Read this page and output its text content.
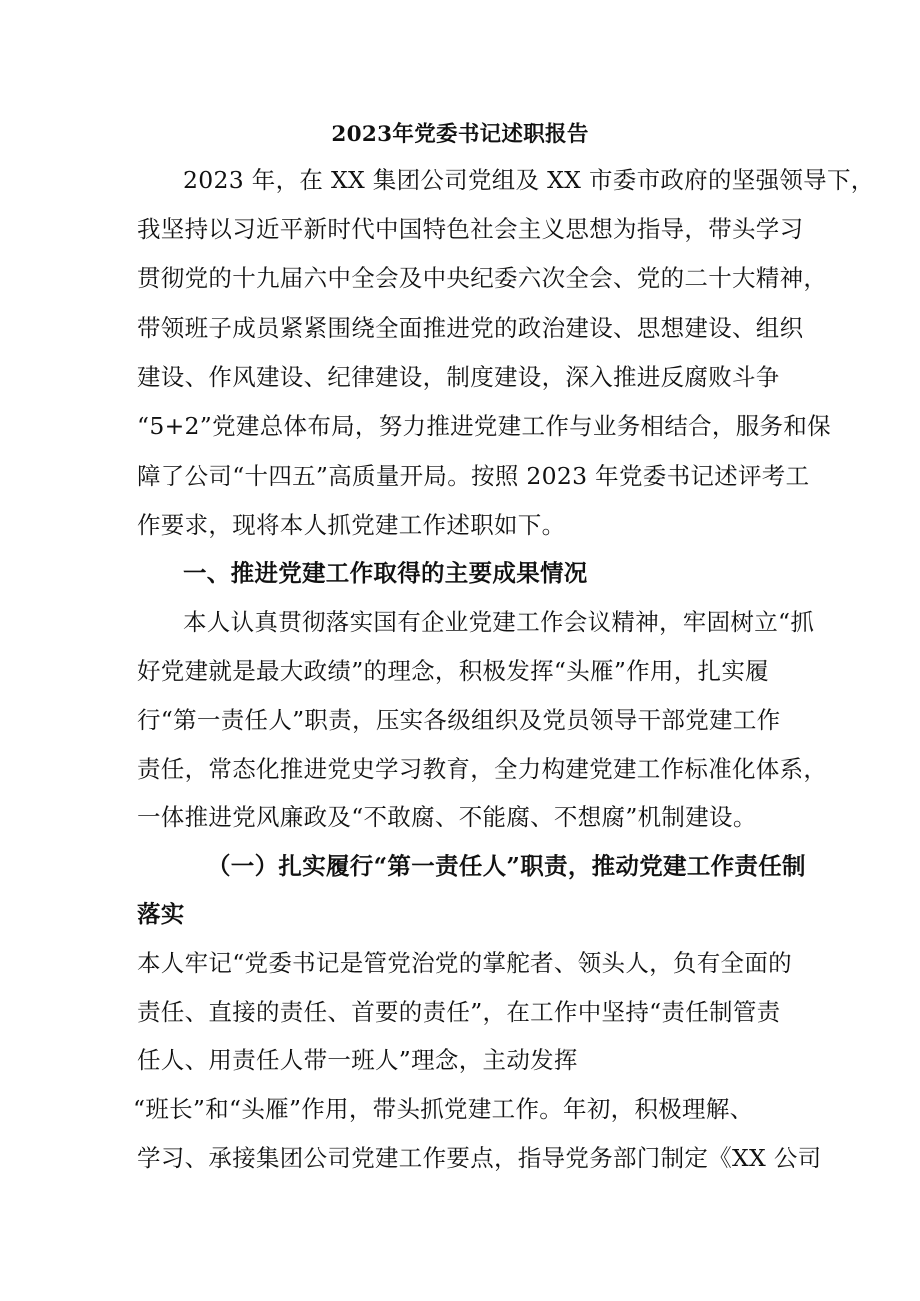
2023年党委书记述职报告

2023 年，在 XX 集团公司党组及 XX 市委市政府的坚强领导下，

我坚持以习近平新时代中国特色社会主义思想为指导，带头学习

贯彻党的十九届六中全会及中央纪委六次全会、党的二十大精神，

带领班子成员紧紧围绕全面推进党的政治建设、思想建设、组织

建设、作风建设、纪律建设，制度建设，深入推进反腐败斗争

“5+2”党建总体布局，努力推进党建工作与业务相结合，服务和保

障了公司“十四五”高质量开局。按照 2023 年党委书记述评考工

作要求，现将本人抓党建工作述职如下。

一、推进党建工作取得的主要成果情况

本人认真贯彻落实国有企业党建工作会议精神，牢固树立“抓

好党建就是最大政绩”的理念，积极发挥“头雁”作用，扎实履

行“第一责任人”职责，压实各级组织及党员领导干部党建工作

责任，常态化推进党史学习教育，全力构建党建工作标准化体系，

一体推进党风廉政及“不敢腐、不能腐、不想腐”机制建设。

（一）扎实履行“第一责任人”职责，推动党建工作责任制
落实

本人牢记“党委书记是管党治党的掌舵者、领头人，负有全面的

责任、直接的责任、首要的责任”，在工作中坚持“责任制管责

任人、用责任人带一班人”理念，主动发挥

“班长”和“头雁”作用，带头抓党建工作。年初，积极理解、

学习、承接集团公司党建工作要点，指导党务部门制定《XX 公司
